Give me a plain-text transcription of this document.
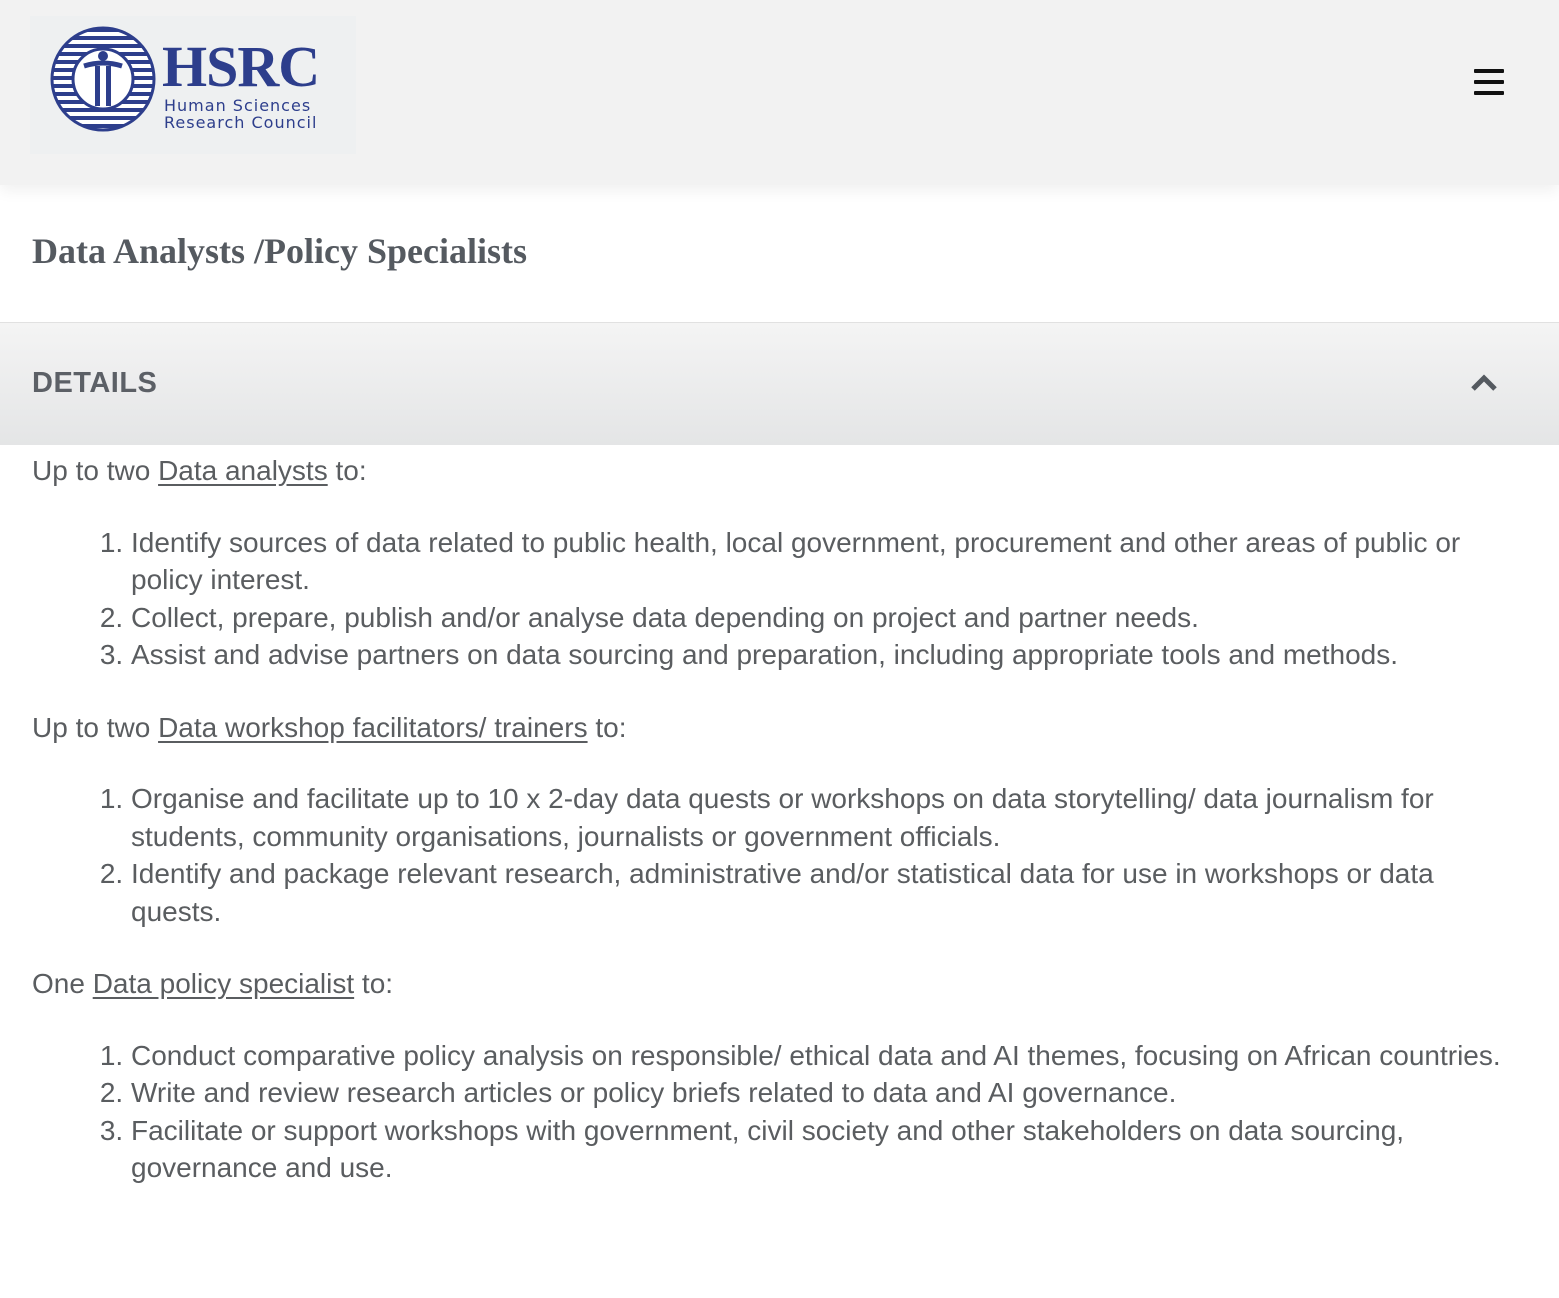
HSRC
Human Sciences
Research Council
Data Analysts /Policy Specialists
DETAILS

Up to two Data analysts to:

1. Identify sources of data related to public health, local government, procurement and other areas of public or policy interest.
2. Collect, prepare, publish and/or analyse data depending on project and partner needs.
3. Assist and advise partners on data sourcing and preparation, including appropriate tools and methods.

Up to two Data workshop facilitators/ trainers to:

1. Organise and facilitate up to 10 x 2-day data quests or workshops on data storytelling/ data journalism for students, community organisations, journalists or government officials.
2. Identify and package relevant research, administrative and/or statistical data for use in workshops or data quests.

One Data policy specialist to:

1. Conduct comparative policy analysis on responsible/ ethical data and AI themes, focusing on African countries.
2. Write and review research articles or policy briefs related to data and AI governance.
3. Facilitate or support workshops with government, civil society and other stakeholders on data sourcing, governance and use.
